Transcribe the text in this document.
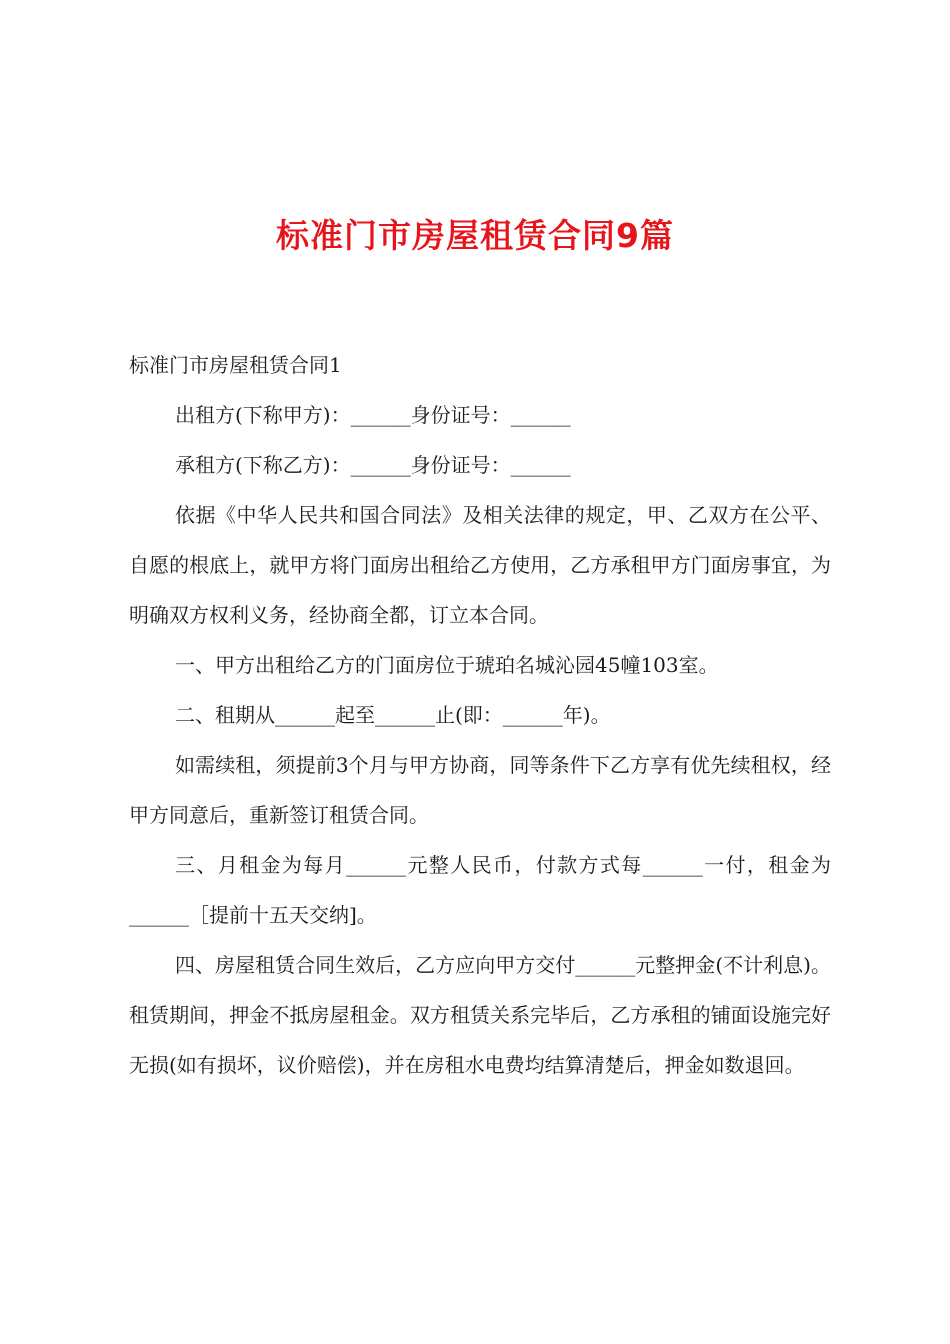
标准门市房屋租赁合同9篇

标准门市房屋租赁合同1

出租方(下称甲方)：______身份证号：______

承租方(下称乙方)：______身份证号：______

依据《中华人民共和国合同法》及相关法律的规定，甲、乙双方在公平、自愿的根底上，就甲方将门面房出租给乙方使用，乙方承租甲方门面房事宜，为明确双方权利义务，经协商全都，订立本合同。

一、甲方出租给乙方的门面房位于琥珀名城沁园45幢103室。

二、租期从______起至______止(即：______年)。

如需续租，须提前3个月与甲方协商，同等条件下乙方享有优先续租权，经甲方同意后，重新签订租赁合同。

三、月租金为每月______元整人民币，付款方式每______一付，租金为______［提前十五天交纳]。

四、房屋租赁合同生效后，乙方应向甲方交付______元整押金(不计利息)。租赁期间，押金不抵房屋租金。双方租赁关系完毕后，乙方承租的铺面设施完好无损(如有损坏，议价赔偿)，并在房租水电费均结算清楚后，押金如数退回。
